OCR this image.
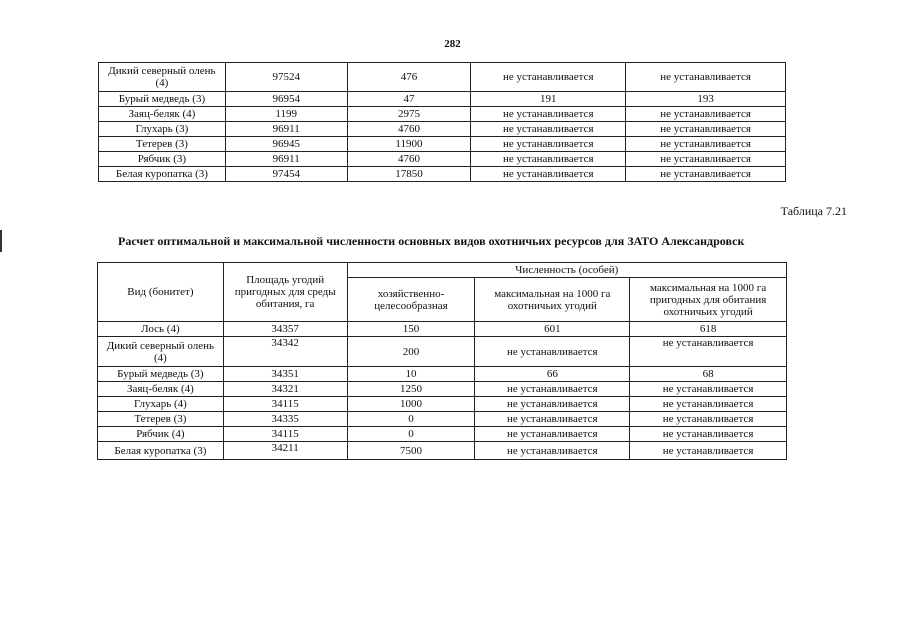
282
Дикий северный олень (4)	97524	476	не устанавливается	не устанавливается
Бурый медведь (3)	96954	47	191	193
Заяц-беляк (4)	1199	2975	не устанавливается	не устанавливается
Глухарь (3)	96911	4760	не устанавливается	не устанавливается
Тетерев (3)	96945	11900	не устанавливается	не устанавливается
Рябчик (3)	96911	4760	не устанавливается	не устанавливается
Белая куропатка (3)	97454	17850	не устанавливается	не устанавливается
Таблица 7.21
Расчет оптимальной и максимальной численности основных видов охотничьих ресурсов для ЗАТО Александровск
Вид (бонитет)	Площадь угодий пригодных для среды обитания, га	Численность (особей)		
		хозяйственно-целесообразная	максимальная на 1000 га охотничьих угодий	максимальная на 1000 га пригодных для обитания охотничьих угодий
Лось (4)	34357	150	601	618
Дикий северный олень (4)	34342	200	не устанавливается	не устанавливается
Бурый медведь (3)	34351	10	66	68
Заяц-беляк (4)	34321	1250	не устанавливается	не устанавливается
Глухарь (4)	34115	1000	не устанавливается	не устанавливается
Тетерев (3)	34335	0	не устанавливается	не устанавливается
Рябчик (4)	34115	0	не устанавливается	не устанавливается
Белая куропатка (3)	34211	7500	не устанавливается	не устанавливается
